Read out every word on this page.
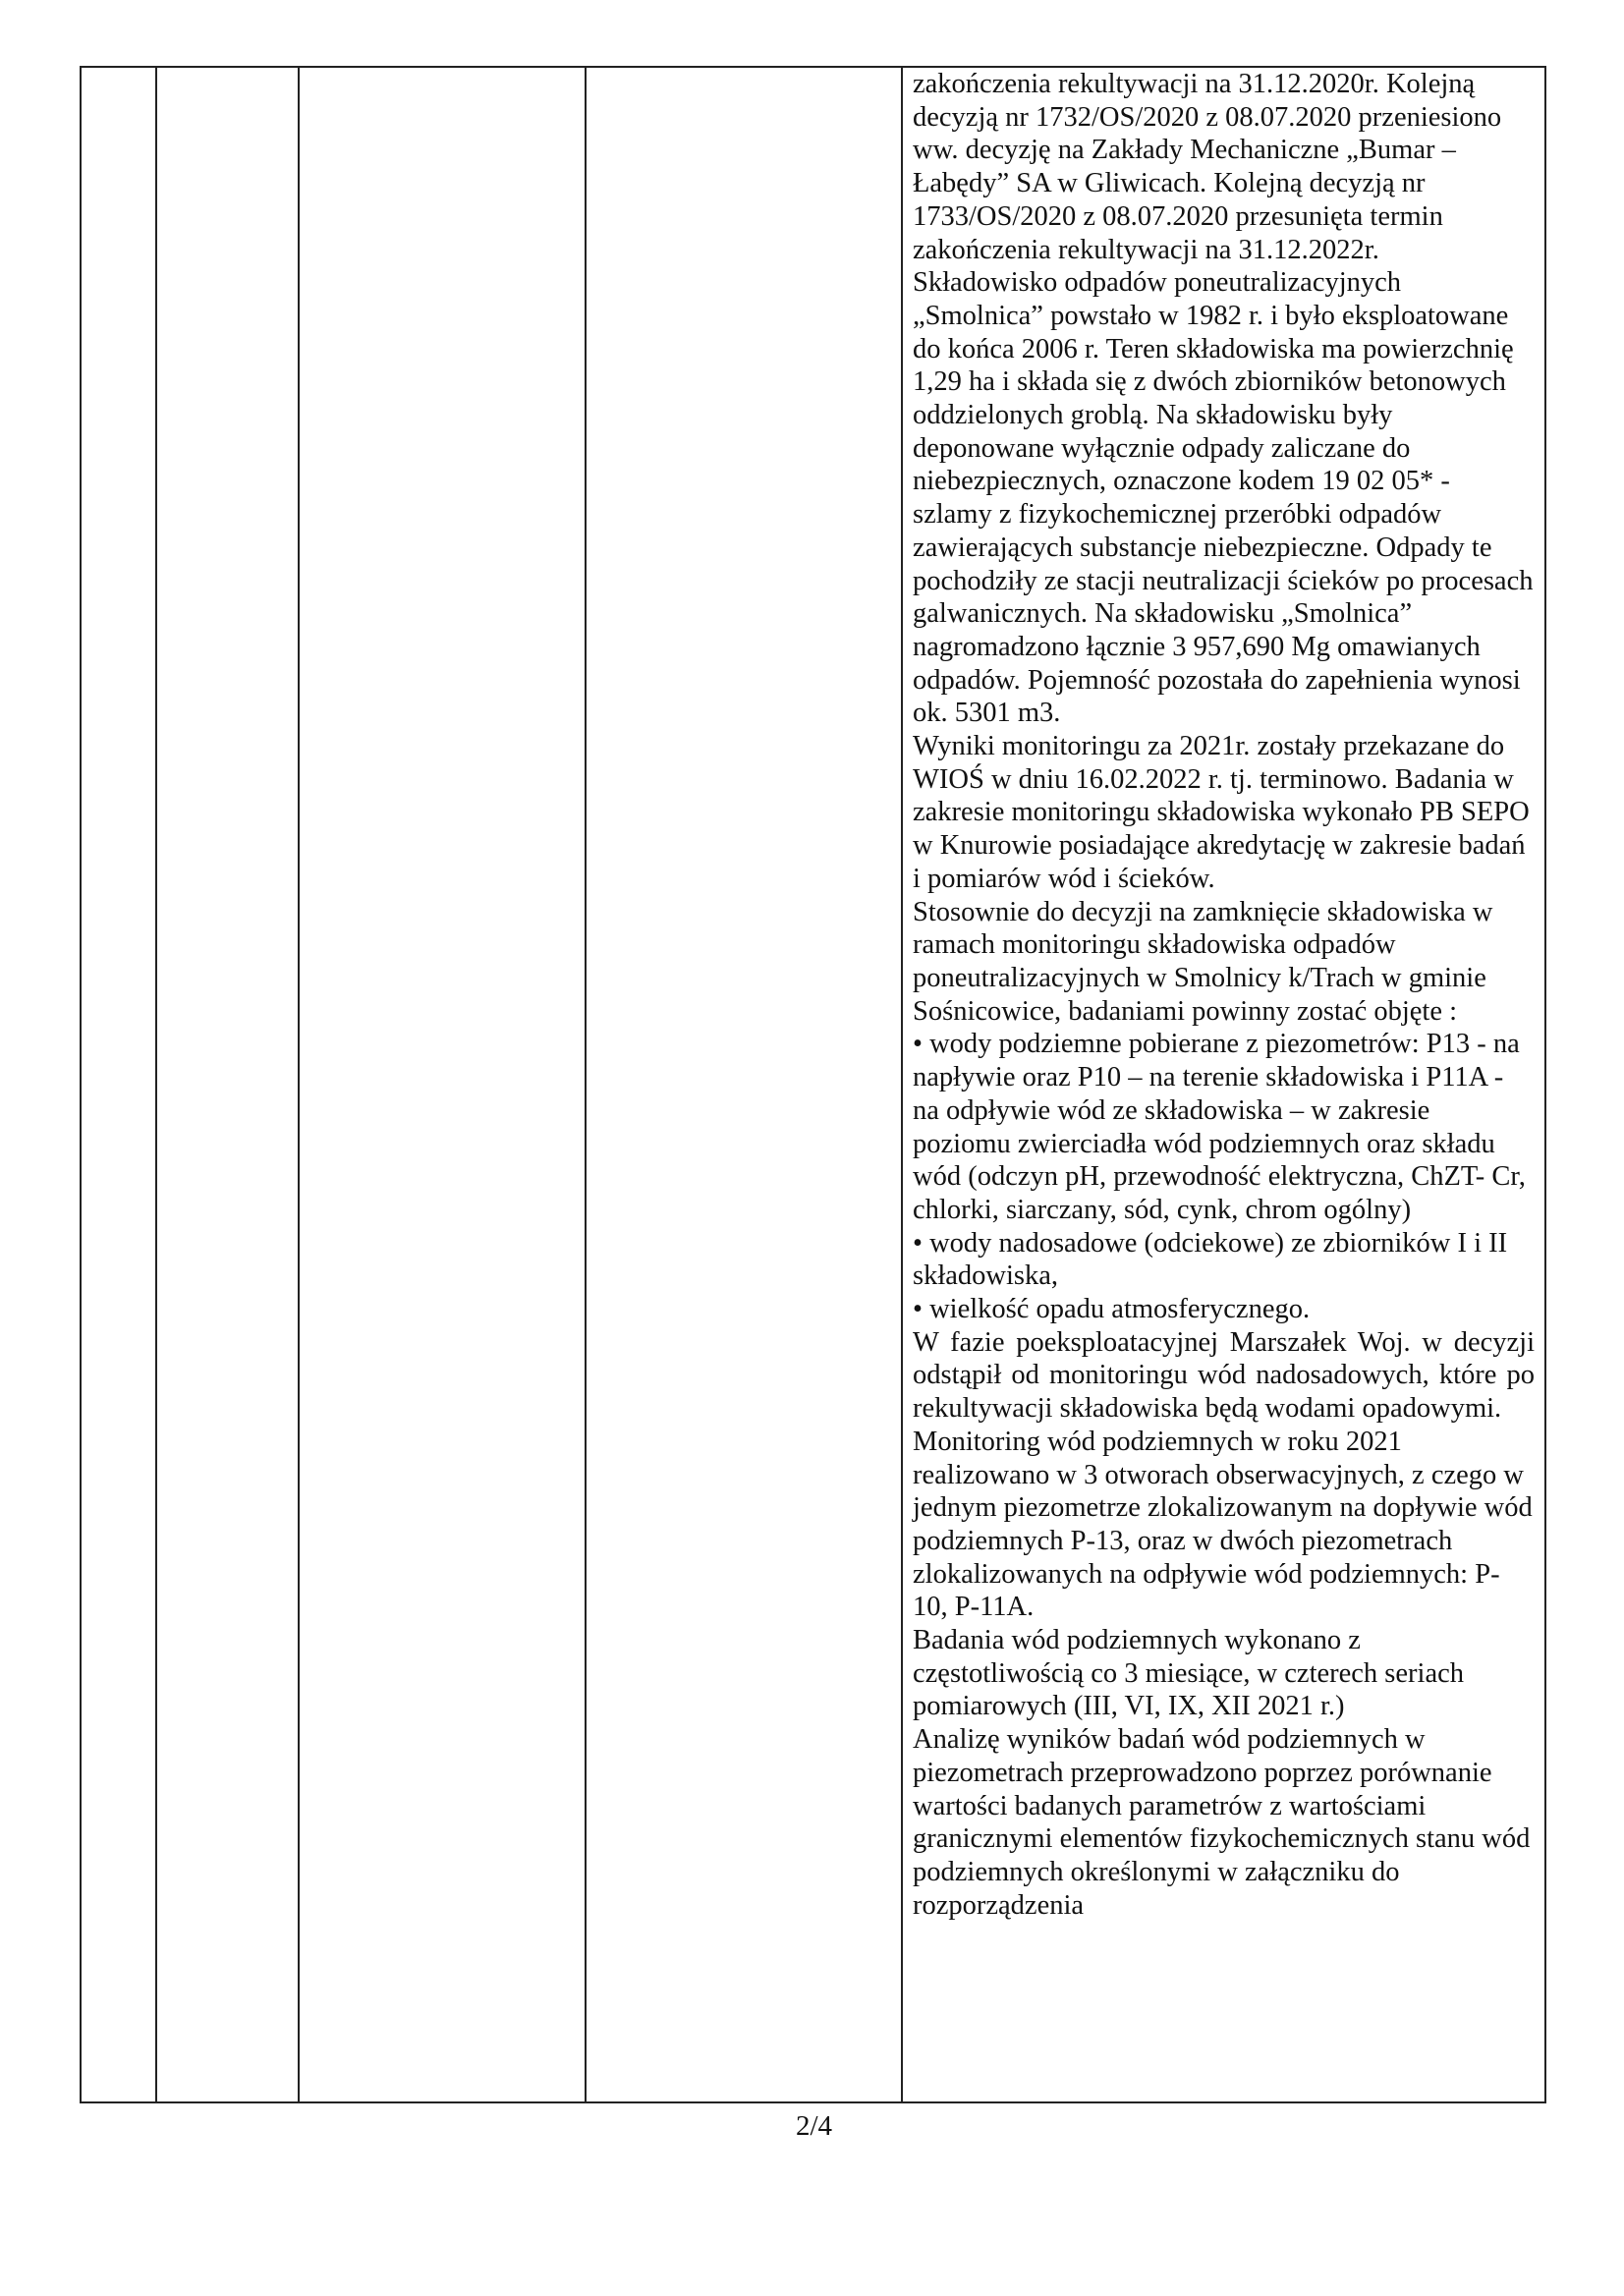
zakończenia rekultywacji na 31.12.2020r. Kolejną decyzją nr 1732/OS/2020 z 08.07.2020 przeniesiono ww. decyzję na Zakłady Mechaniczne „Bumar – Łabędy” SA w Gliwicach. Kolejną decyzją nr 1733/OS/2020 z 08.07.2020 przesunięta termin zakończenia rekultywacji na 31.12.2022r.

Składowisko odpadów poneutralizacyjnych „Smolnica” powstało w 1982 r. i było eksploatowane do końca 2006 r. Teren składowiska ma powierzchnię 1,29 ha i składa się z dwóch zbiorników betonowych oddzielonych groblą. Na składowisku były deponowane wyłącznie odpady zaliczane do niebezpiecznych, oznaczone kodem 19 02 05* - szlamy z fizykochemicznej przeróbki odpadów zawierających substancje niebezpieczne. Odpady te pochodziły ze stacji neutralizacji ścieków po procesach galwanicznych. Na składowisku „Smolnica” nagromadzono łącznie 3 957,690 Mg omawianych odpadów. Pojemność pozostała do zapełnienia wynosi ok. 5301 m3.

Wyniki monitoringu za 2021r. zostały przekazane do WIOŚ w dniu 16.02.2022 r. tj. terminowo. Badania w zakresie monitoringu składowiska wykonało PB SEPO w Knurowie posiadające akredytację w zakresie badań i pomiarów wód i ścieków.

Stosownie do decyzji na zamknięcie składowiska w ramach monitoringu składowiska odpadów poneutralizacyjnych w Smolnicy k/Trach w gminie Sośnicowice, badaniami powinny zostać objęte :

• wody podziemne pobierane z piezometrów: P13 - na napływie oraz P10 – na terenie składowiska i P11A - na odpływie wód ze składowiska – w zakresie poziomu zwierciadła wód podziemnych oraz składu wód (odczyn pH, przewodność elektryczna, ChZT- Cr, chlorki, siarczany, sód, cynk, chrom ogólny)

• wody nadosadowe (odciekowe) ze zbiorników I i II składowiska,

• wielkość opadu atmosferycznego.

W fazie poeksploatacyjnej Marszałek Woj. w decyzji odstąpił od monitoringu wód nadosadowych, które po rekultywacji składowiska będą wodami opadowymi.

Monitoring wód podziemnych w roku 2021 realizowano w 3 otworach obserwacyjnych, z czego w jednym piezometrze zlokalizowanym na dopływie wód podziemnych P-13, oraz w dwóch piezometrach zlokalizowanych na odpływie wód podziemnych: P-10, P-11A.

Badania wód podziemnych wykonano z częstotliwością co 3 miesiące, w czterech seriach pomiarowych (III, VI, IX, XII 2021 r.)

Analizę wyników badań wód podziemnych w piezometrach przeprowadzono poprzez porównanie wartości badanych parametrów z wartościami granicznymi elementów fizykochemicznych stanu wód podziemnych określonymi w załączniku do rozporządzenia

2/4
